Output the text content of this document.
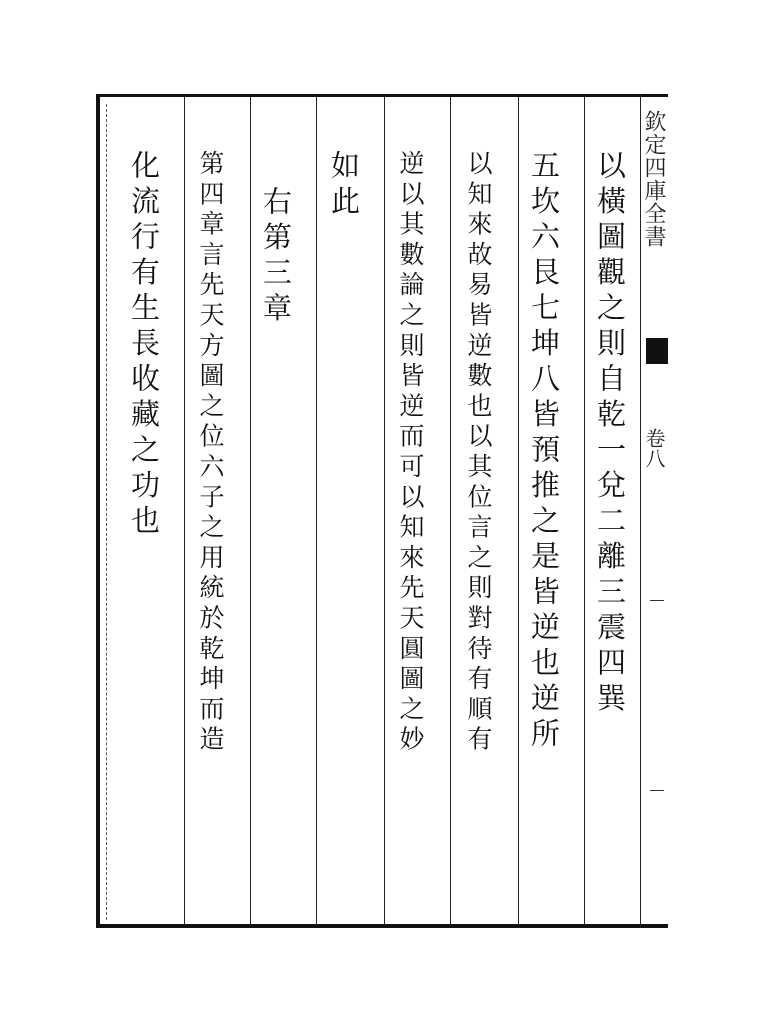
欽定四庫全書
卷八
以橫圖觀之則自乾一兌二離三震四巽
五坎六艮七坤八皆預推之是皆逆也逆所
以知來故易皆逆數也以其位言之則對待有順有
逆以其數論之則皆逆而可以知來先天圓圖之妙
如此
右第三章
第四章言先天方圖之位六子之用統於乾坤而造
化流行有生長收藏之功也
